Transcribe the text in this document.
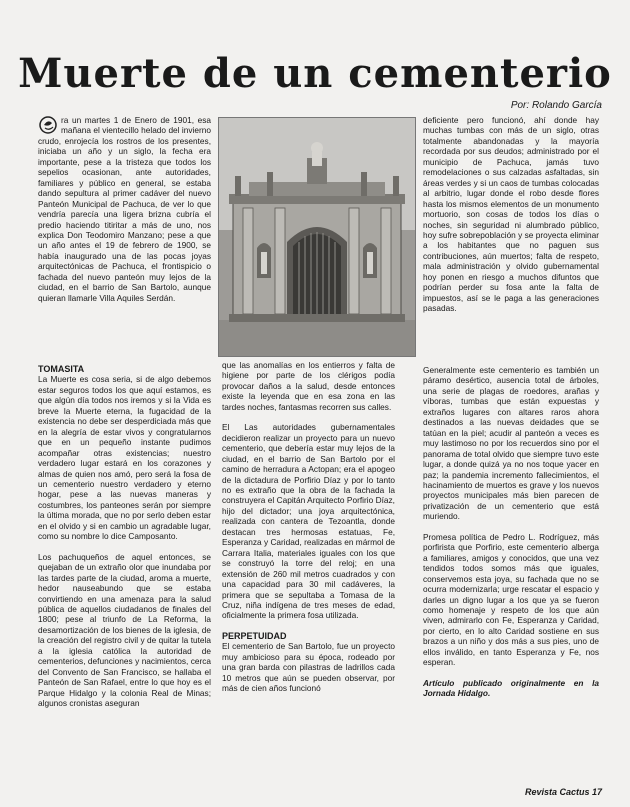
Muerte de un cementerio
Por: Rolando García

ra un martes 1 de Enero de 1901, esa mañana el vientecillo helado del invierno crudo, enrojecía los rostros de los presentes, iniciaba un año y un siglo, la fecha era importante, pese a la tristeza que todos los sepelios ocasionan, ante autoridades, familiares y público en general, se estaba dando sepultura al primer cadáver del nuevo Panteón Municipal de Pachuca, de ver lo que vendría parecía una ligera brizna cubría el predio haciendo titiritar a más de uno, nos explica Don Teodomiro Manzano; pese a que un año antes el 19 de febrero de 1900, se había inaugurado una de las pocas joyas arquitectónicas de Pachuca, el frontispicio o fachada del nuevo panteón muy lejos de la ciudad, en el barrio de San Bartolo, aunque quieran llamarle Villa Aquiles Serdán.

TOMASITA

La Muerte es cosa seria, si de algo debemos estar seguros todos los que aquí estamos, es que algún día todos nos iremos y si la Vida es breve la Muerte eterna, la fugacidad de la existencia no debe ser desperdiciada más que en la alegría de estar vivos y congratularnos que en un pequeño instante pudimos acompañar otras existencias; nuestro verdadero lugar estará en los corazones y almas de quien nos amó, pero será la fosa de un cementerio nuestro verdadero y eterno hogar, pese a las nuevas maneras y costumbres, los panteones serán por siempre la última morada, que no por serlo deben estar en el olvido y si en cambio un agradable lugar, como su nombre lo dice Camposanto.

Los pachuqueños de aquel entonces, se quejaban de un extraño olor que inundaba por las tardes parte de la ciudad, aroma a muerte, hedor nauseabundo que se estaba convirtiendo en una amenaza para la salud pública de aquellos ciudadanos de finales del 1800; pese al triunfo de La Reforma, la desamortización de los bienes de la iglesia, de la creación del registro civil y de quitar la tutela a la iglesia católica la autoridad de cementerios, defunciones y nacimientos, cerca del Convento de San Francisco, se hallaba el Panteón de San Rafael, entre lo que hoy es el Parque Hidalgo y la colonia Real de Minas; algunos cronistas aseguran

que las anomalías en los entierros y falta de higiene por parte de los clérigos podía provocar daños a la salud, desde entonces existe la leyenda que en esa zona en las tardes noches, fantasmas recorren sus calles.

El Las autoridades gubernamentales decidieron realizar un proyecto para un nuevo cementerio, que debería estar muy lejos de la ciudad, en el barrio de San Bartolo por el camino de herradura a Actopan; era el apogeo de la dictadura de Porfirio Díaz y por lo tanto no es extraño que la obra de la fachada la construyera el Capitán Arquitecto Porfirio Díaz, hijo del dictador; una joya arquitectónica, realizada con cantera de Tezoantla, donde destacan tres hermosas estatuas, Fe, Esperanza y Caridad, realizadas en mármol de Carrara Italia, materiales iguales con los que se construyó la torre del reloj; en una extensión de 260 mil metros cuadrados y con una capacidad para 30 mil cadáveres, la primera que se sepultaba a Tomasa de la Cruz, niña indígena de tres meses de edad, oficialmente la primera fosa utilizada.

PERPETUIDAD

El cementerio de San Bartolo, fue un proyecto muy ambicioso para su época, rodeado por una gran barda con pilastras de ladrillos cada 10 metros que aún se pueden observar, por más de cien años funcionó

deficiente pero funcionó, ahí donde hay muchas tumbas con más de un siglo, otras totalmente abandonadas y la mayoría recordada por sus deudos; administrado por el municipio de Pachuca, jamás tuvo remodelaciones o sus calzadas asfaltadas, sin áreas verdes y si un caos de tumbas colocadas al arbitrio, lugar donde el robo desde flores hasta los mismos elementos de un monumento mortuorio, son cosas de todos los días o noches, sin seguridad ni alumbrado público, hoy sufre sobrepoblación y se proyecta eliminar a los habitantes que no paguen sus contribuciones, aún muertos; falta de respeto, mala administración y olvido gubernamental hoy ponen en riesgo a muchos difuntos que podrían perder su fosa ante la falta de impuestos, así se le paga a las generaciones pasadas.

Generalmente este cementerio es también un páramo desértico, ausencia total de árboles, una serie de plagas de roedores, arañas y víboras, tumbas que están expuestas y extraños lugares con altares raros ahora destinados a las nuevas deidades que se tatúan en la piel; acudir al panteón a veces es muy lastimoso no por los recuerdos sino por el panorama de total olvido que siempre tuvo este lugar, a donde quizá ya no nos toque yacer en paz; la pandemia incremento fallecimientos, el hacinamiento de muertos es grave y los nuevos proyectos municipales más bien parecen de privatización de un cementerio que está muriendo.

Promesa política de Pedro L. Rodríguez, más porfirista que Porfirio, este cementerio alberga a familiares, amigos y conocidos, que una vez tendidos todos somos más que iguales, conservemos esta joya, su fachada que no se ocurra modernizarla; urge rescatar el espacio y darles un digno lugar a los que ya se fueron como homenaje y respeto de los que aún viven, admirarlo con Fe, Esperanza y Caridad, por cierto, en lo alto Caridad sostiene en sus brazos a un niño y dos más a sus pies, uno de ellos inválido, en tanto Esperanza y Fe, nos esperan.

Artículo publicado originalmente en la Jornada Hidalgo.

Revista Cactus 17
